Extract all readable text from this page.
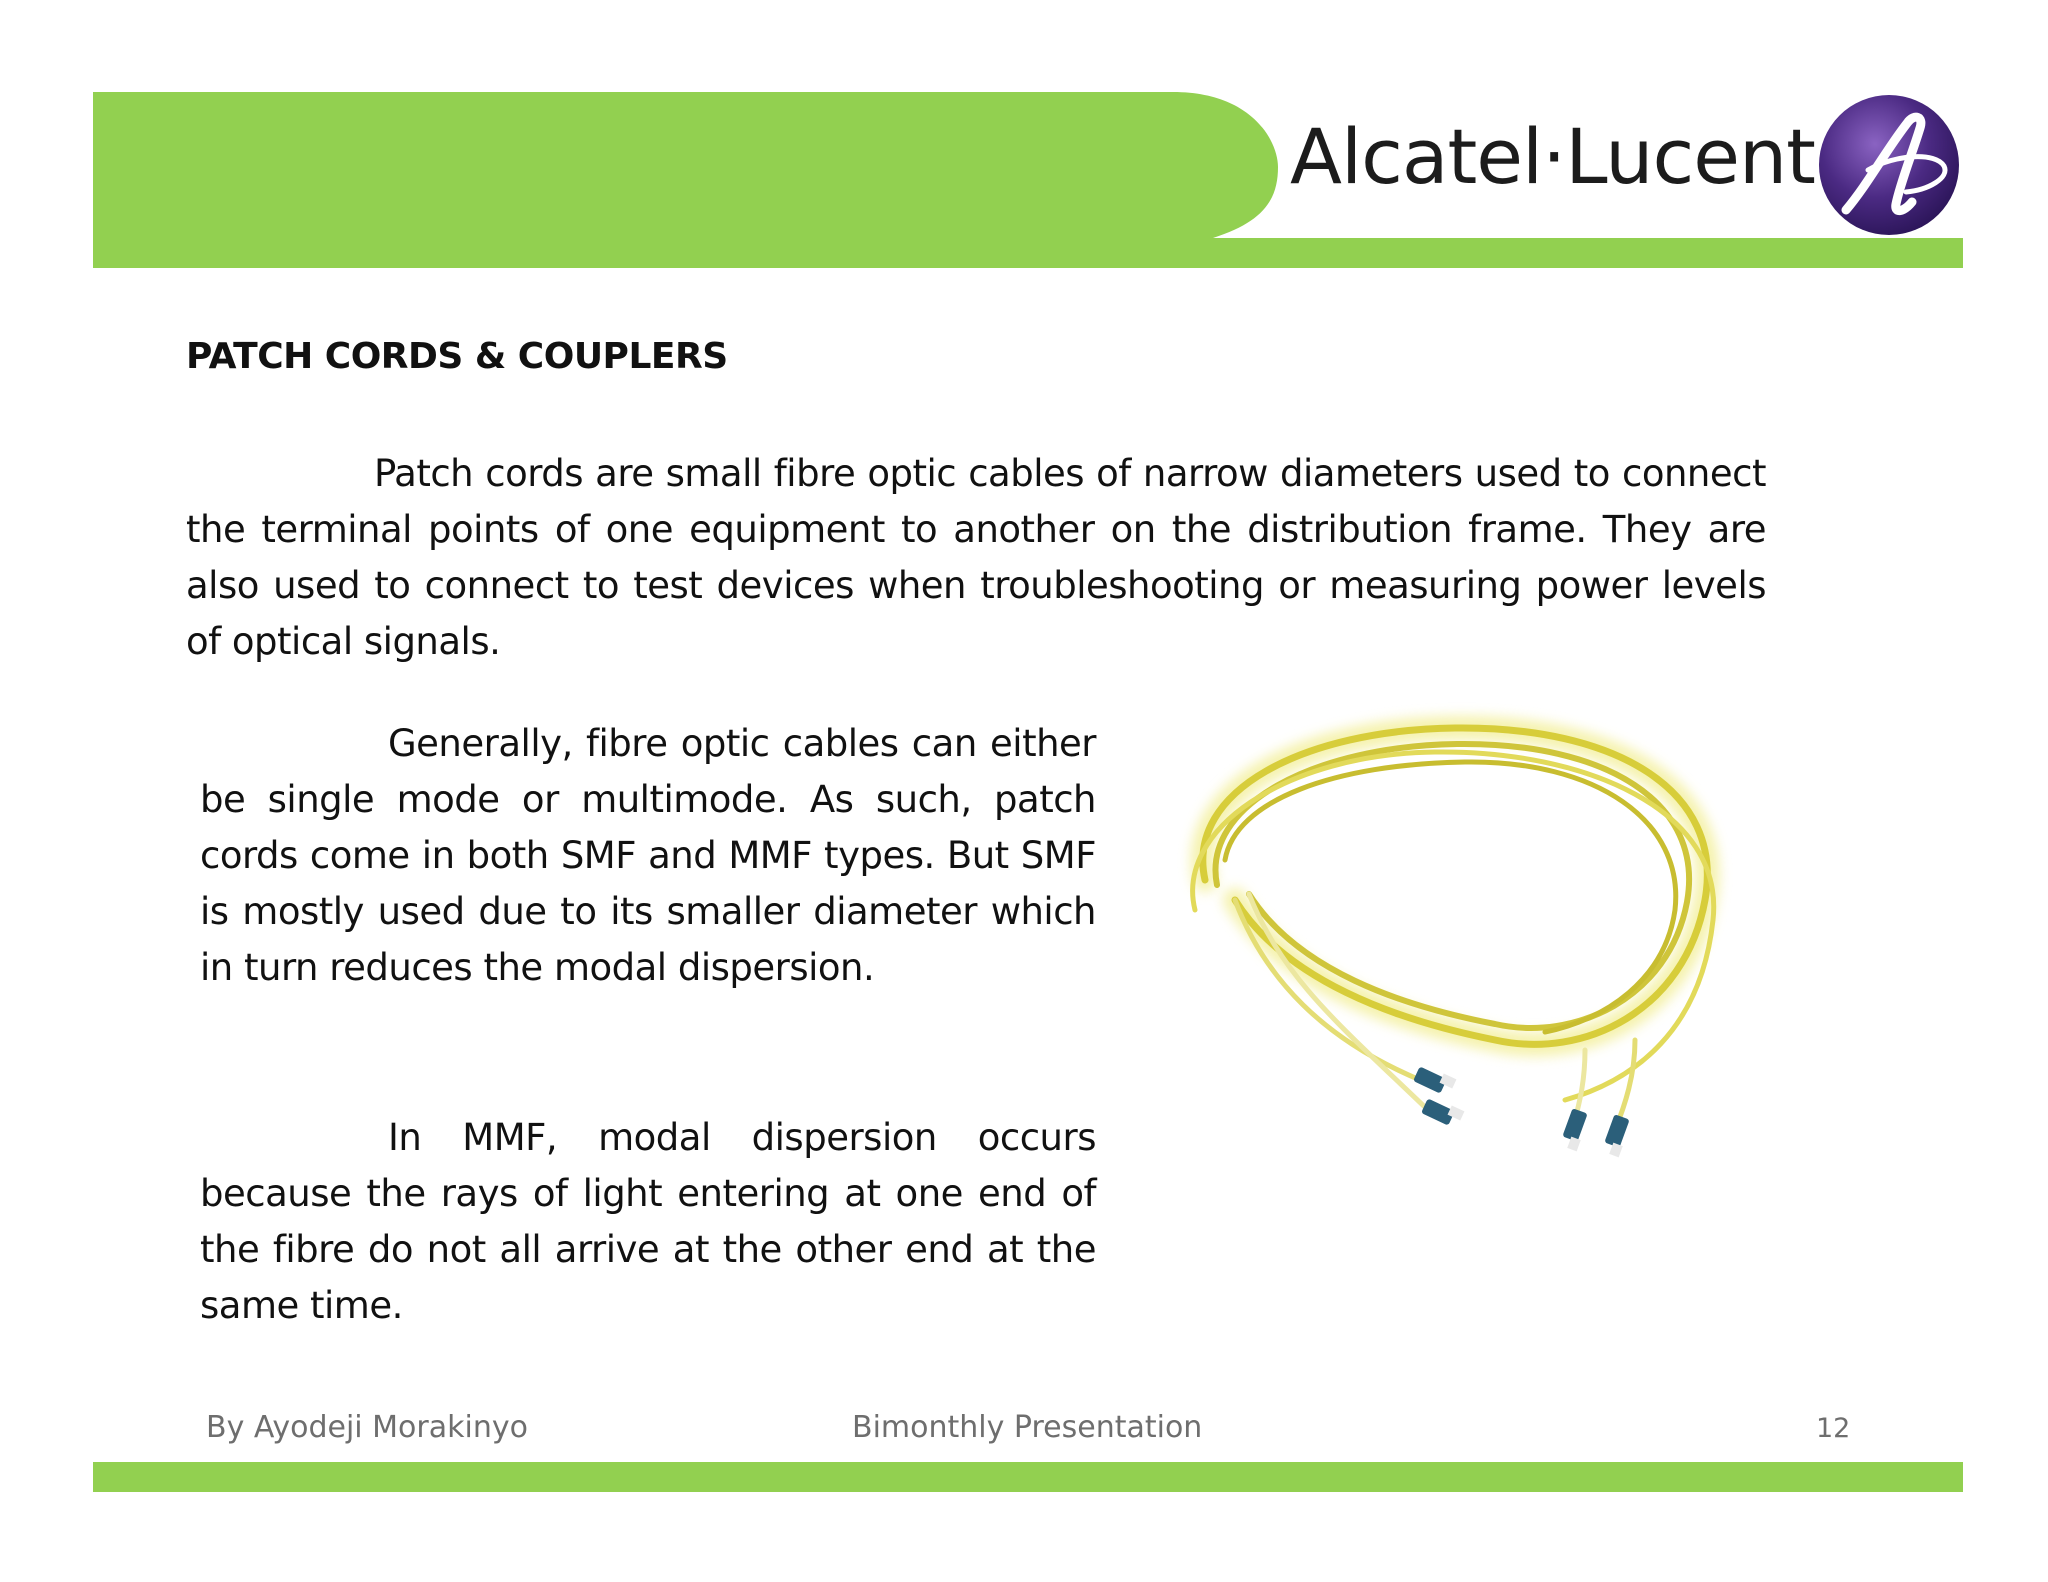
Alcatel·Lucent
PATCH CORDS & COUPLERS

Patch cords are small fibre optic cables of narrow diameters used to connect the terminal points of one equipment to another on the distribution frame. They are also used to connect to test devices when troubleshooting or measuring power levels of optical signals.

Generally, fibre optic cables can either be single mode or multimode. As such, patch cords come in both SMF and MMF types. But SMF is mostly used due to its smaller diameter which in turn reduces the modal dispersion.

In MMF, modal dispersion occurs because the rays of light entering at one end of the fibre do not all arrive at the other end at the same time.

By Ayodeji Morakinyo	Bimonthly Presentation	12
